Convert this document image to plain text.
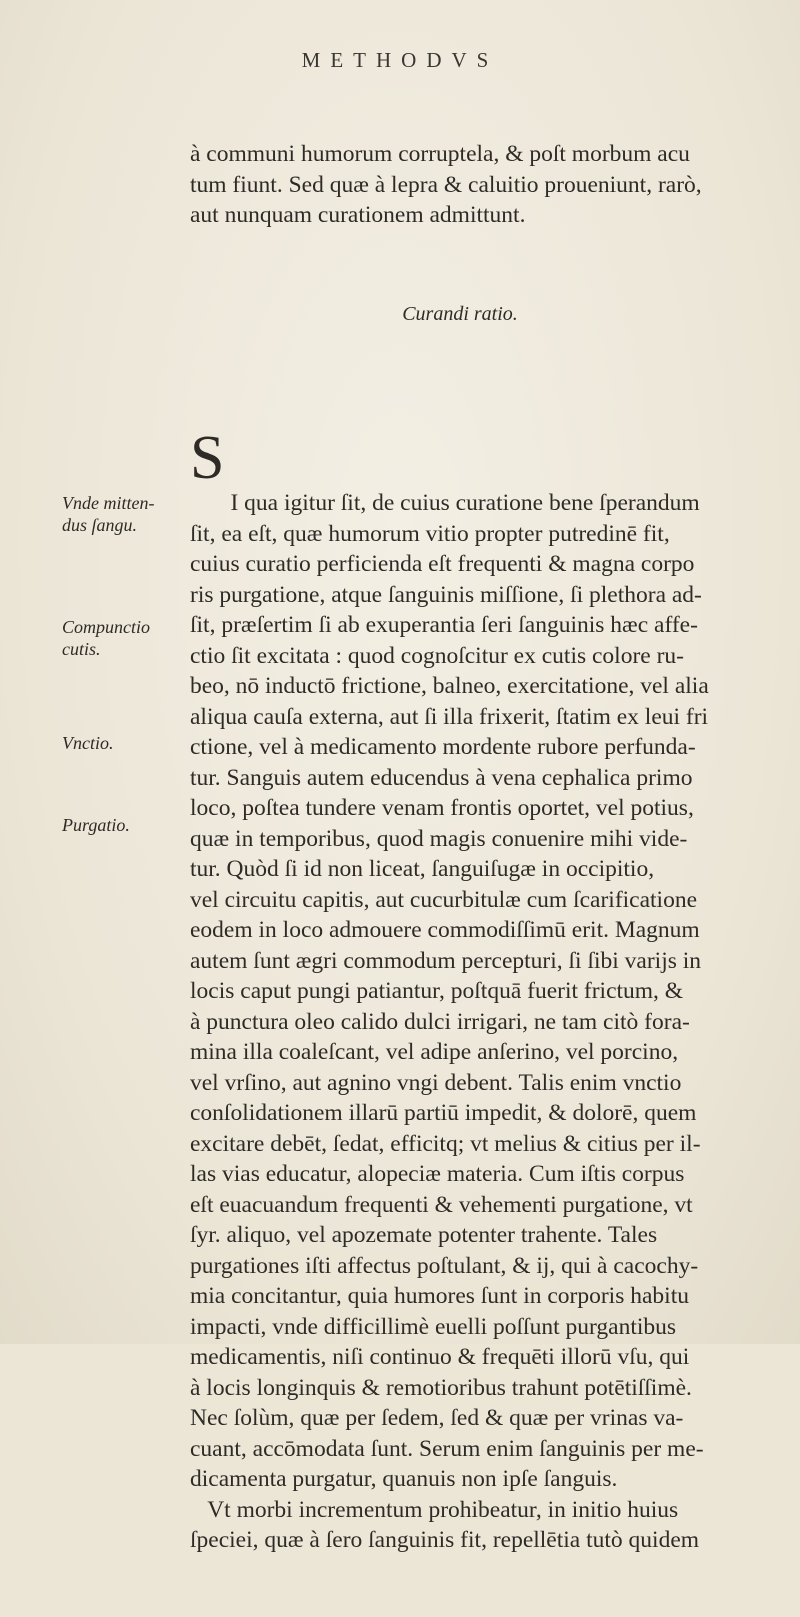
METHODVS

à communi humorum corruptela, & poſt morbum acu
tum fiunt. Sed quæ à lepra & caluitio proueniunt, rarò,
aut nunquam curationem admittunt.

Curandi ratio.

S

I qua igitur ſit, de cuius curatione bene ſperandum
ſit, ea eſt, quæ humorum vitio propter putredinē fit,
cuius curatio perficienda eſt frequenti & magna corpo
ris purgatione, atque ſanguinis miſſione, ſi plethora ad-
ſit, præſertim ſi ab exuperantia ſeri ſanguinis hæc affe-
ctio ſit excitata : quod cognoſcitur ex cutis colore ru-
beo, nō inductō frictione, balneo, exercitatione, vel alia
aliqua cauſa externa, aut ſi illa frixerit, ſtatim ex leui fri
ctione, vel à medicamento mordente rubore perfunda-
tur. Sanguis autem educendus à vena cephalica primo
loco, poſtea tundere venam frontis oportet, vel potius,
quæ in temporibus, quod magis conuenire mihi vide-
tur. Quòd ſi id non liceat, ſanguiſugæ in occipitio,
vel circuitu capitis, aut cucurbitulæ cum ſcarificatione
eodem in loco admouere commodiſſimū erit. Magnum
autem ſunt ægri commodum percepturi, ſi ſibi varijs in
locis caput pungi patiantur, poſtquā fuerit frictum, &
à punctura oleo calido dulci irrigari, ne tam citò fora-
mina illa coaleſcant, vel adipe anſerino, vel porcino,
vel vrſino, aut agnino vngi debent. Talis enim vnctio
conſolidationem illarū partiū impedit, & dolorē, quem
excitare debēt, ſedat, efficitq; vt melius & citius per il-
las vias educatur, alopeciæ materia. Cum iſtis corpus
eſt euacuandum frequenti & vehementi purgatione, vt
ſyr. aliquo, vel apozemate potenter trahente. Tales
purgationes iſti affectus poſtulant, & ij, qui à cacochy-
mia concitantur, quia humores ſunt in corporis habitu
impacti, vnde difficillimè euelli poſſunt purgantibus
medicamentis, niſi continuo & frequēti illorū vſu, qui
à locis longinquis & remotioribus trahunt potētiſſimè.
Nec ſolùm, quæ per ſedem, ſed & quæ per vrinas va-
cuant, accōmodata ſunt. Serum enim ſanguinis per me-
dicamenta purgatur, quanuis non ipſe ſanguis.
Vt morbi incrementum prohibeatur, in initio huius
ſpeciei, quæ à ſero ſanguinis fit, repellētia tutò quidem

Vnde mitten-
dus ſangu.
Compunctio
cutis.
Vnctio.
Purgatio.
